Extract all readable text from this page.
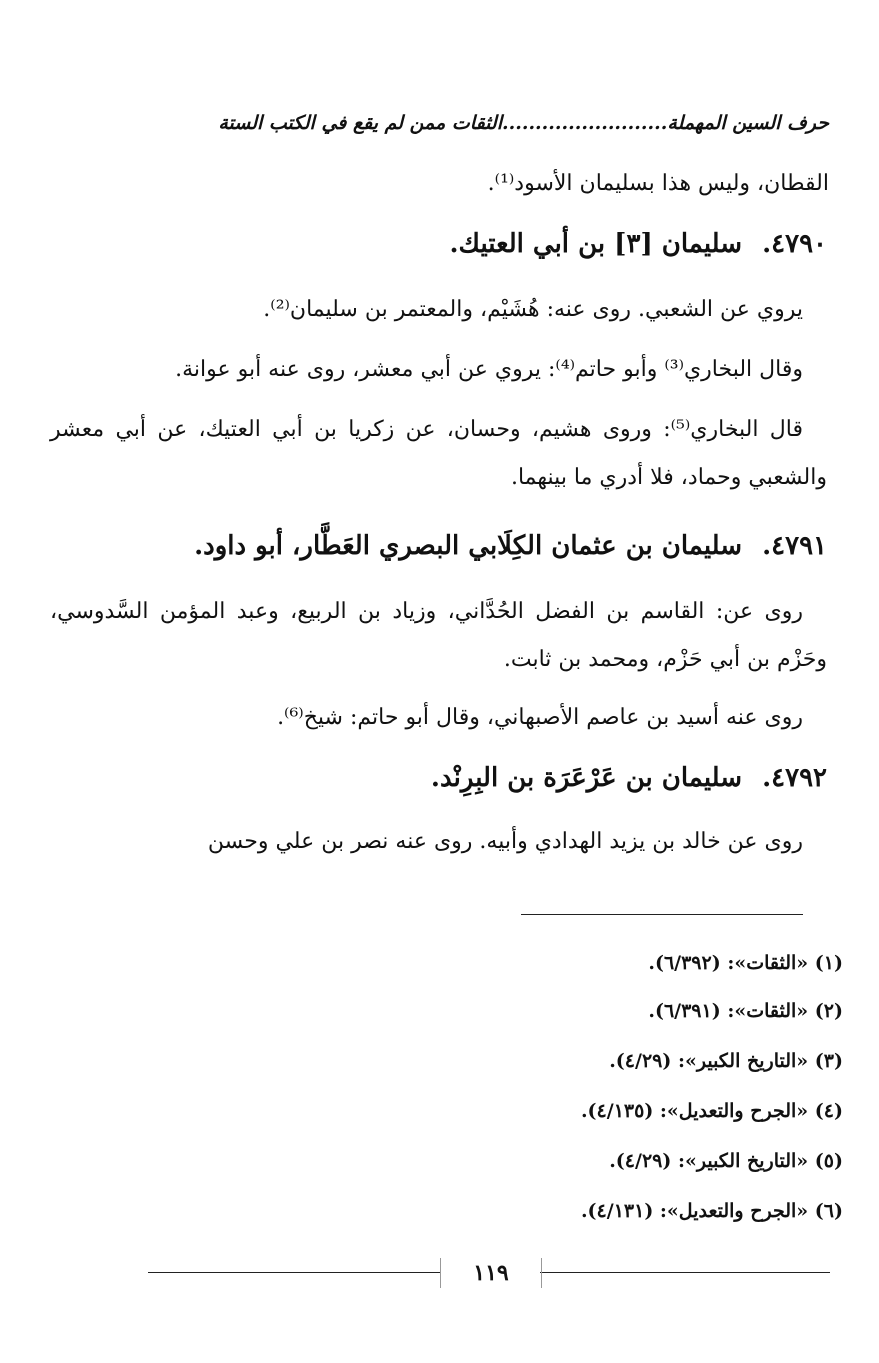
حرف السين المهملة.........................الثقات ممن لم يقع في الكتب الستة
القطان، وليس هذا بسليمان الأسود⁽¹⁾.
٤٧٩٠.سليمان [٣] بن أبي العتيك.
يروي عن الشعبي. روى عنه: هُشَيْم، والمعتمر بن سليمان⁽²⁾.
وقال البخاري⁽³⁾ وأبو حاتم⁽⁴⁾: يروي عن أبي معشر، روى عنه أبو عوانة.
قال البخاري⁽⁵⁾: وروى هشيم، وحسان، عن زكريا بن أبي العتيك، عن أبي معشر والشعبي وحماد، فلا أدري ما بينهما.
٤٧٩١.سليمان بن عثمان الكِلَابي البصري العَطَّار، أبو داود.
روى عن: القاسم بن الفضل الحُدَّاني، وزياد بن الربيع، وعبد المؤمن السَّدوسي، وحَزْم بن أبي حَزْم، ومحمد بن ثابت.
روى عنه أسيد بن عاصم الأصبهاني، وقال أبو حاتم: شيخ⁽⁶⁾.
٤٧٩٢.سليمان بن عَرْعَرَة بن البِرِنْد.
روى عن خالد بن يزيد الهدادي وأبيه. روى عنه نصر بن علي وحسن
(١) «الثقات»: (٦/٣٩٢).
(٢) «الثقات»: (٦/٣٩١).
(٣) «التاريخ الكبير»: (٤/٢٩).
(٤) «الجرح والتعديل»: (٤/١٣٥).
(٥) «التاريخ الكبير»: (٤/٢٩).
(٦) «الجرح والتعديل»: (٤/١٣١).
١١٩
